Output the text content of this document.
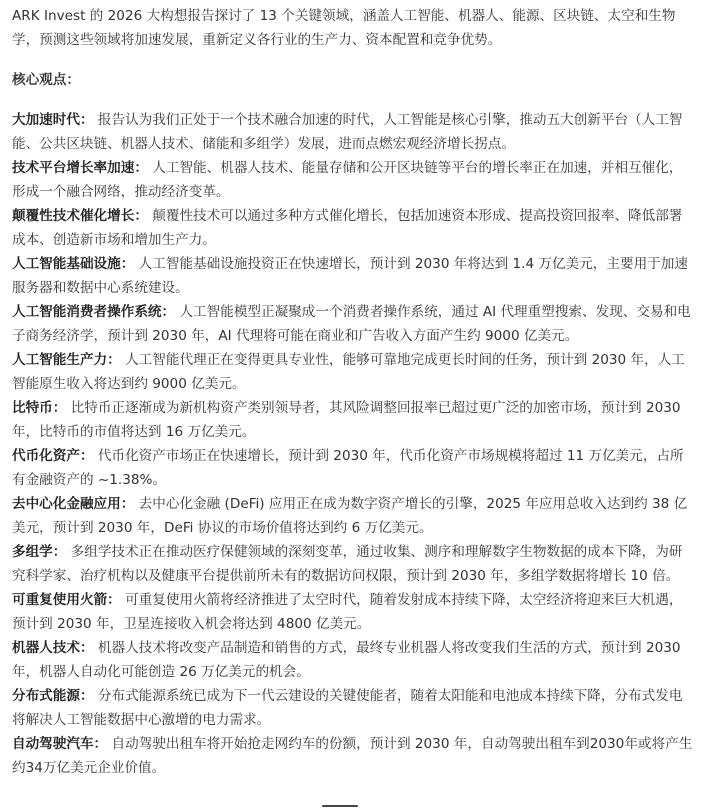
ARK Invest 的 2026 大构想报告探讨了 13 个关键领域，涵盖人工智能、机器人、能源、区块链、太空和生物学，预测这些领域将加速发展，重新定义各行业的生产力、资本配置和竞争优势。

核心观点：

大加速时代： 报告认为我们正处于一个技术融合加速的时代，人工智能是核心引擎，推动五大创新平台（人工智能、公共区块链、机器人技术、储能和多组学）发展，进而点燃宏观经济增长拐点。

技术平台增长率加速： 人工智能、机器人技术、能量存储和公开区块链等平台的增长率正在加速，并相互催化，形成一个融合网络，推动经济变革。

颠覆性技术催化增长： 颠覆性技术可以通过多种方式催化增长，包括加速资本形成、提高投资回报率、降低部署成本、创造新市场和增加生产力。

人工智能基础设施： 人工智能基础设施投资正在快速增长，预计到 2030 年将达到 1.4 万亿美元，主要用于加速服务器和数据中心系统建设。

人工智能消费者操作系统： 人工智能模型正凝聚成一个消费者操作系统，通过 AI 代理重塑搜索、发现、交易和电子商务经济学，预计到 2030 年，AI 代理将可能在商业和广告收入方面产生约 9000 亿美元。

人工智能生产力： 人工智能代理正在变得更具专业性，能够可靠地完成更长时间的任务，预计到 2030 年，人工智能原生收入将达到约 9000 亿美元。

比特币： 比特币正逐渐成为新机构资产类别领导者，其风险调整回报率已超过更广泛的加密市场，预计到 2030 年，比特币的市值将达到 16 万亿美元。

代币化资产： 代币化资产市场正在快速增长，预计到 2030 年，代币化资产市场规模将超过 11 万亿美元，占所有金融资产的 ~1.38%。

去中心化金融应用： 去中心化金融 (DeFi) 应用正在成为数字资产增长的引擎，2025 年应用总收入达到约 38 亿美元，预计到 2030 年，DeFi 协议的市场价值将达到约 6 万亿美元。

多组学： 多组学技术正在推动医疗保健领域的深刻变革，通过收集、测序和理解数字生物数据的成本下降，为研究科学家、治疗机构以及健康平台提供前所未有的数据访问权限，预计到 2030 年，多组学数据将增长 10 倍。

可重复使用火箭： 可重复使用火箭将经济推进了太空时代，随着发射成本持续下降，太空经济将迎来巨大机遇，预计到 2030 年，卫星连接收入机会将达到 4800 亿美元。

机器人技术： 机器人技术将改变产品制造和销售的方式，最终专业机器人将改变我们生活的方式，预计到 2030 年，机器人自动化可能创造 26 万亿美元的机会。

分布式能源： 分布式能源系统已成为下一代云建设的关键使能者，随着太阳能和电池成本持续下降，分布式发电将解决人工智能数据中心激增的电力需求。

自动驾驶汽车： 自动驾驶出租车将开始抢走网约车的份额，预计到 2030 年，自动驾驶出租车到2030年或将产生约34万亿美元企业价值。
